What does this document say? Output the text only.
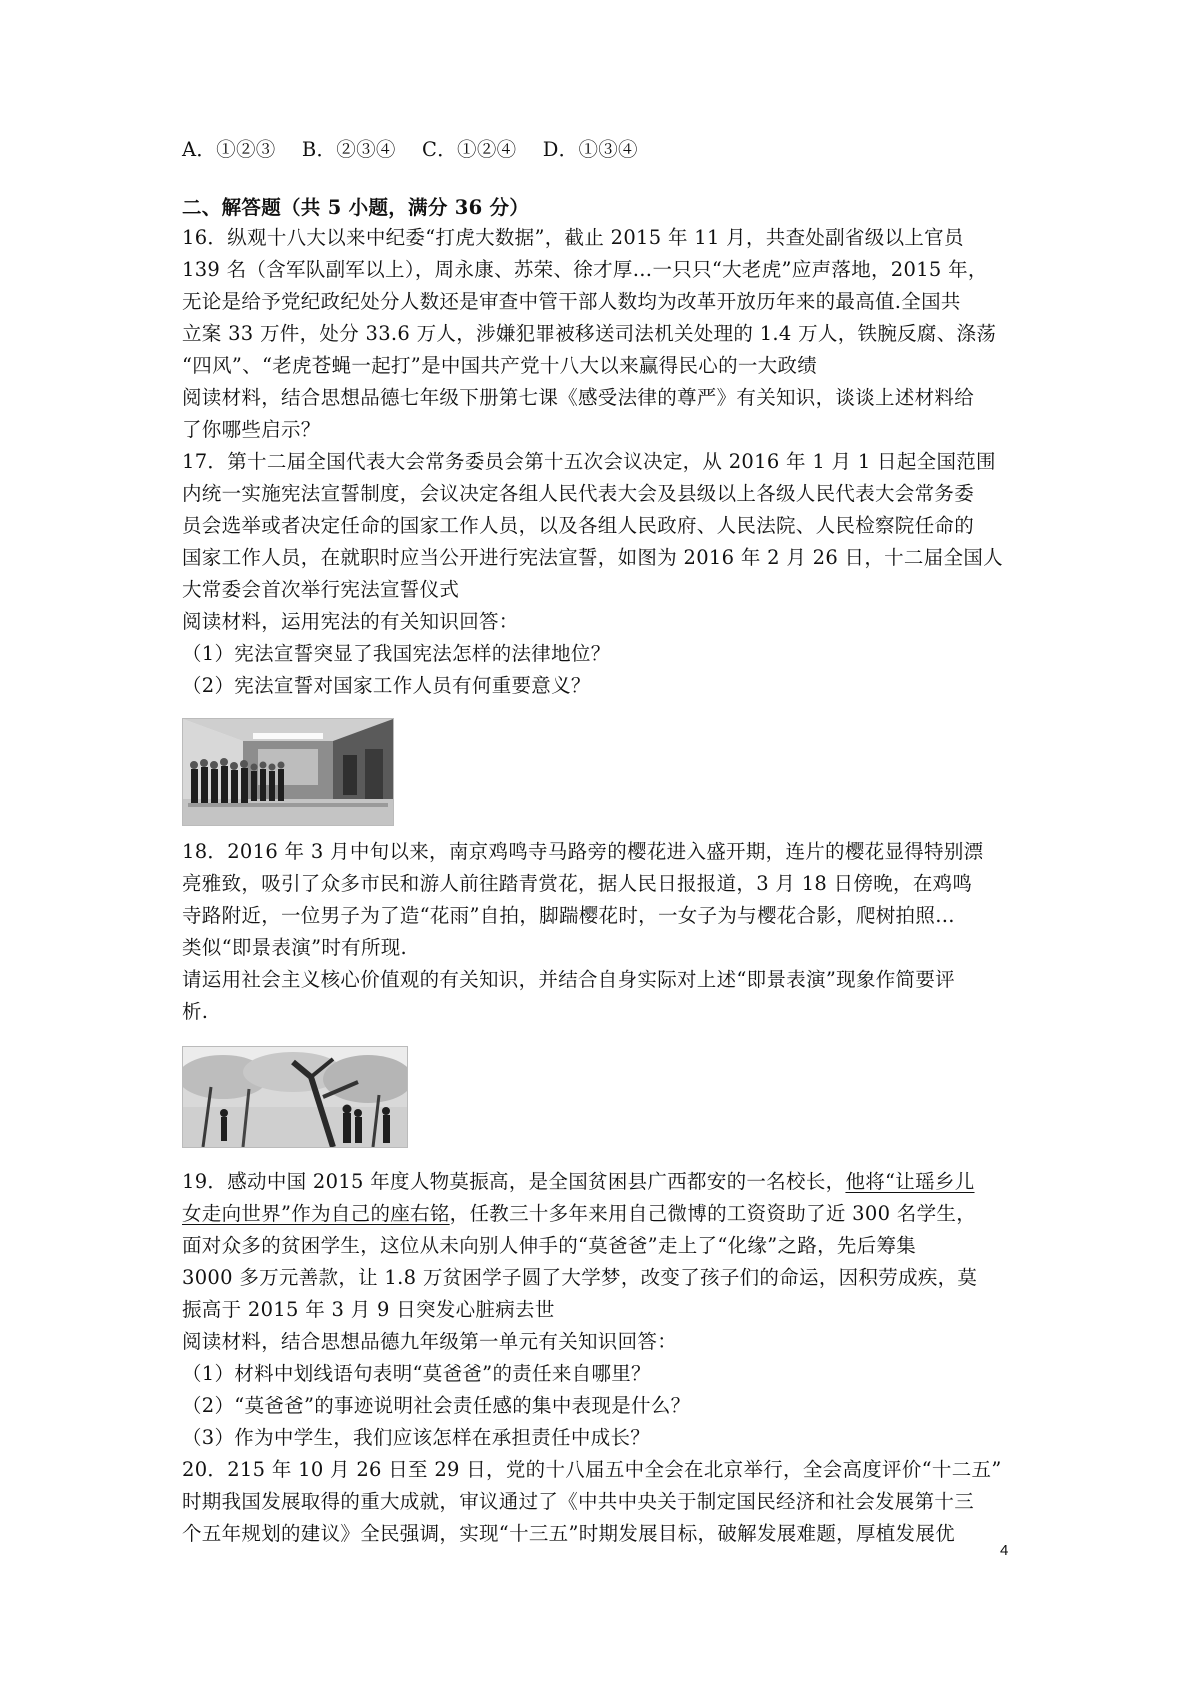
A．①②③　 B．②③④　 C．①②④　 D．①③④
二、解答题（共 5 小题，满分 36 分）
16．纵观十八大以来中纪委“打虎大数据”，截止 2015 年 11 月，共查处副省级以上官员
139 名（含军队副军以上），周永康、苏荣、徐才厚…一只只“大老虎”应声落地，2015 年，
无论是给予党纪政纪处分人数还是审查中管干部人数均为改革开放历年来的最高值.全国共
立案 33 万件，处分 33.6 万人，涉嫌犯罪被移送司法机关处理的 1.4 万人，铁腕反腐、涤荡
“四风”、“老虎苍蝇一起打”是中国共产党十八大以来赢得民心的一大政绩
阅读材料，结合思想品德七年级下册第七课《感受法律的尊严》有关知识，谈谈上述材料给
了你哪些启示？
17．第十二届全国代表大会常务委员会第十五次会议决定，从 2016 年 1 月 1 日起全国范围
内统一实施宪法宣誓制度，会议决定各组人民代表大会及县级以上各级人民代表大会常务委
员会选举或者决定任命的国家工作人员，以及各组人民政府、人民法院、人民检察院任命的
国家工作人员，在就职时应当公开进行宪法宣誓，如图为 2016 年 2 月 26 日，十二届全国人
大常委会首次举行宪法宣誓仪式
阅读材料，运用宪法的有关知识回答：
（1）宪法宣誓突显了我国宪法怎样的法律地位？
（2）宪法宣誓对国家工作人员有何重要意义？
18．2016 年 3 月中旬以来，南京鸡鸣寺马路旁的樱花进入盛开期，连片的樱花显得特别漂
亮雅致，吸引了众多市民和游人前往踏青赏花，据人民日报报道，3 月 18 日傍晚，在鸡鸣
寺路附近，一位男子为了造“花雨”自拍，脚踹樱花时，一女子为与樱花合影，爬树拍照…
类似“即景表演”时有所现.
请运用社会主义核心价值观的有关知识，并结合自身实际对上述“即景表演”现象作简要评
析.
19．感动中国 2015 年度人物莫振高，是全国贫困县广西都安的一名校长，他将“让瑶乡儿
女走向世界”作为自己的座右铭，任教三十多年来用自己微博的工资资助了近 300 名学生，
面对众多的贫困学生，这位从未向别人伸手的“莫爸爸”走上了“化缘”之路，先后筹集
3000 多万元善款，让 1.8 万贫困学子圆了大学梦，改变了孩子们的命运，因积劳成疾，莫
振高于 2015 年 3 月 9 日突发心脏病去世
阅读材料，结合思想品德九年级第一单元有关知识回答：
（1）材料中划线语句表明“莫爸爸”的责任来自哪里？
（2）“莫爸爸”的事迹说明社会责任感的集中表现是什么？
（3）作为中学生，我们应该怎样在承担责任中成长？
20．215 年 10 月 26 日至 29 日，党的十八届五中全会在北京举行，全会高度评价“十二五”
时期我国发展取得的重大成就，审议通过了《中共中央关于制定国民经济和社会发展第十三
个五年规划的建议》全民强调，实现“十三五”时期发展目标，破解发展难题，厚植发展优
4
